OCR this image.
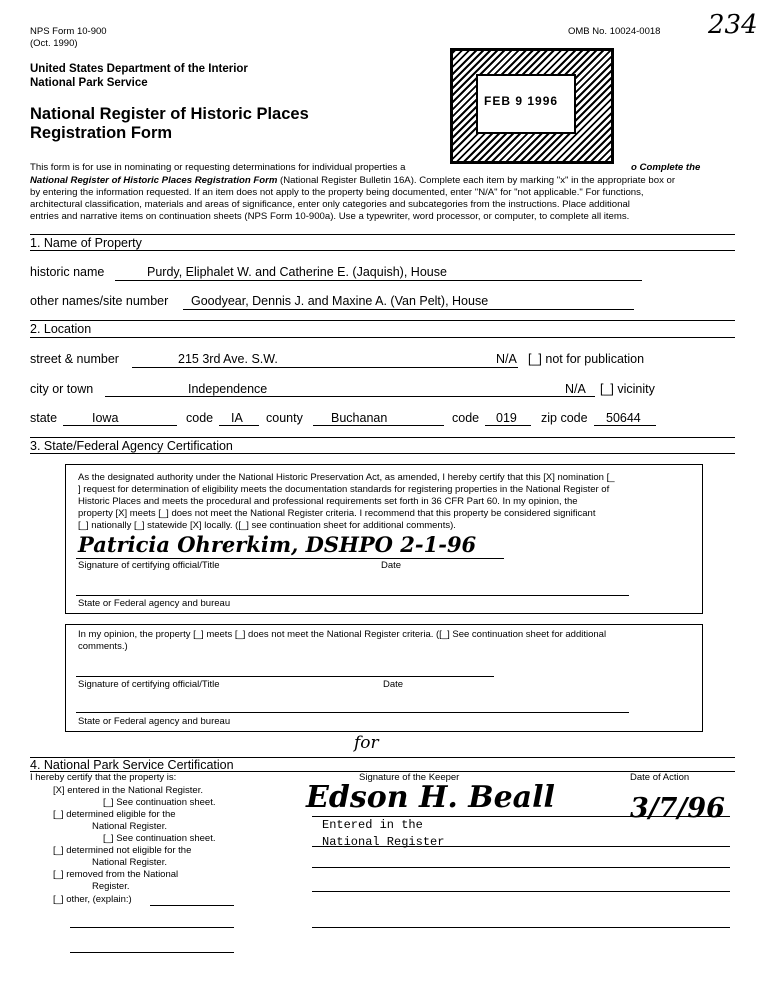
NPS Form 10-900
(Oct. 1990)
OMB No. 10024-0018 234
United States Department of the Interior
National Park Service
National Register of Historic Places
Registration Form
FEB 9 1996
This form is for use in nominating or requesting determinations for individual properties a	o Complete the
National Register of Historic Places Registration Form (National Register Bulletin 16A). Complete each item by marking "x" in the appropriate box or
by entering the information requested. If an item does not apply to the property being documented, enter "N/A" for "not applicable." For functions,
architectural classification, materials and areas of significance, enter only categories and subcategories from the instructions. Place additional
entries and narrative items on continuation sheets (NPS Form 10-900a). Use a typewriter, word processor, or computer, to complete all items.
1. Name of Property
historic name	Purdy, Eliphalet W. and Catherine E. (Jaquish), House
other names/site number Goodyear, Dennis J. and Maxine A. (Van Pelt), House
2. Location
street & number	215 3rd Ave. S.W.	N/A [_] not for publication
city or town	Independence	N/A [_] vicinity
state	Iowa	code IA county Buchanan	code 019 zip code 50644
3. State/Federal Agency Certification
As the designated authority under the National Historic Preservation Act, as amended, I hereby certify that this [X] nomination [_
] request for determination of eligibility meets the documentation standards for registering properties in the National Register of
Historic Places and meets the procedural and professional requirements set forth in 36 CFR Part 60. In my opinion, the
property [X] meets [_] does not meet the National Register criteria. I recommend that this property be considered significant
[_] nationally [_] statewide [X] locally. ([_] see continuation sheet for additional comments).
Patricia Ohrerkim, DSHPO 2-1-96
Signature of certifying official/Title	Date
State or Federal agency and bureau
In my opinion, the property [_] meets [_] does not meet the National Register criteria. ([_] See continuation sheet for additional
comments.)
Signature of certifying official/Title	Date
State or Federal agency and bureau
4. National Park Service Certification
I hereby certify that the property is:
[X] entered in the National Register.
[_] See continuation sheet.
[_] determined eligible for the
National Register.
[_] See continuation sheet.
[_] determined not eligible for the
National Register.
[_] removed from the National
Register.
[_] other, (explain:)
Signature of the Keeper	Date of Action
for
Edson H. Beall	3/7/96
Entered in the
National Register
